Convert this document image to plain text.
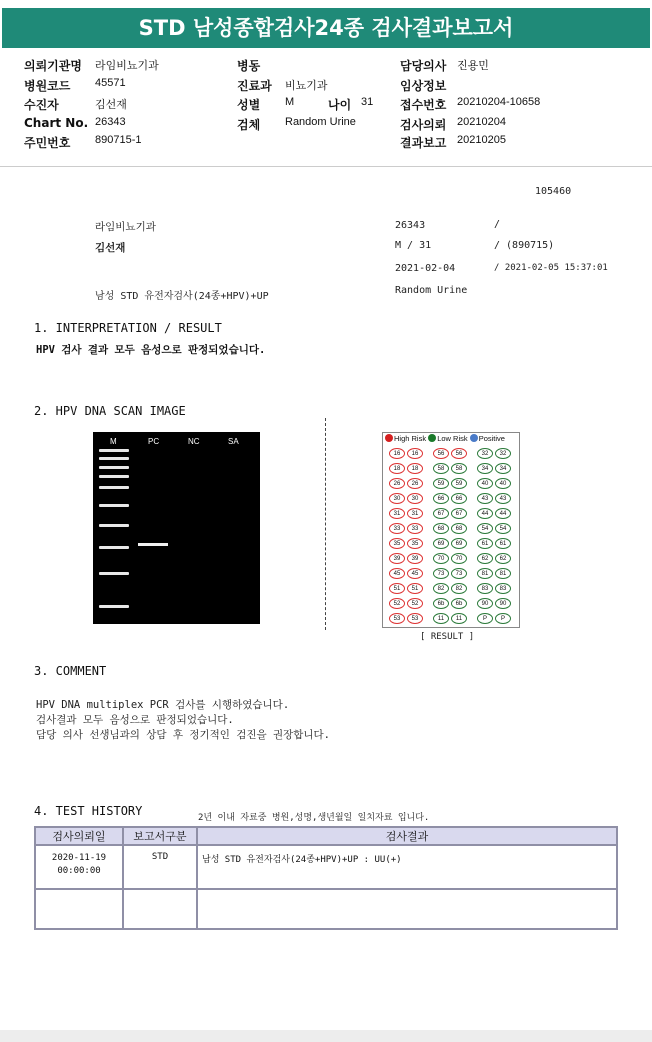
STD 남성종합검사24종 검사결과보고서
의뢰기관명 라임비뇨기과
병원코드 45571
수진자	김선재
Chart No. 26343
주민번호 890715-1
병동
진료과 비뇨기과
성별 M	나이 31
검체 Random Urine
담당의사 진용민
임상정보
접수번호 20210204-10658
검사의뢰 20210204
결과보고 20210205
105460
라임비뇨기과	26343	/
김선재	M / 31	/ (890715)
2021-02-04	/ 2021-02-05 15:37:01
남성 STD 유전자검사(24종+HPV)+UP
Random Urine
1. INTERPRETATION / RESULT
HPV 검사 결과 모두 음성으로 판정되었습니다.
2. HPV DNA SCAN IMAGE
M	PC	NC	SA	High Risk Low Risk Positive
16	16	56	56	32	32
18	18	58	58	34	34
26	26	59	59	40	40
30	30	66	66	43	43
31	31	67	67	44	44
33	33	68	68	54	54
35	35	69	69	61	61
39	39	70	70	62	62
45	45	73	73	81	81
51	51	82	82	83	83
52	52	6b	6b	90	90
53	53	11	11	P	P
[ RESULT ]
3. COMMENT
HPV DNA multiplex PCR 검사를 시행하였습니다.
검사결과 모두 음성으로 판정되었습니다.
담당 의사 선생님과의 상담 후 정기적인 검진을 권장합니다.
4. TEST HISTORY	2년 이내 자료중 병원,성명,생년월일 일치자료 입니다.
검사의뢰일	보고서구분	검사결과

2020-11-19
00:00:00	STD	남성 STD 유전자검사(24종+HPV)+UP : UU(+)
